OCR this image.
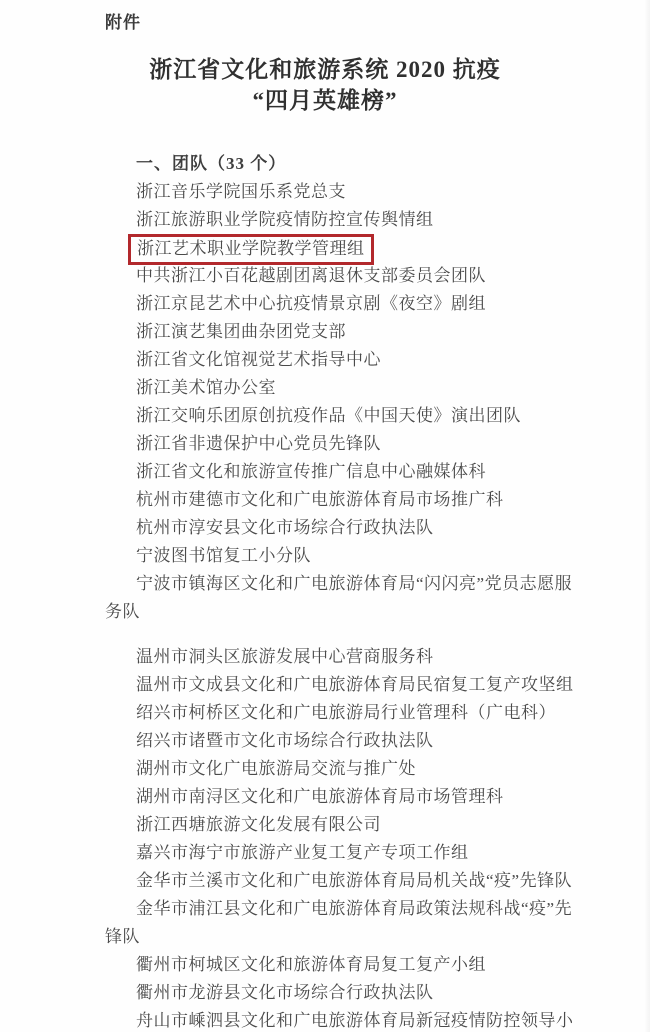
附件
浙江省文化和旅游系统 2020 抗疫
“四月英雄榜”
一、团队（33 个）
浙江音乐学院国乐系党总支
浙江旅游职业学院疫情防控宣传舆情组
浙江艺术职业学院教学管理组
中共浙江小百花越剧团离退休支部委员会团队
浙江京昆艺术中心抗疫情景京剧《夜空》剧组
浙江演艺集团曲杂团党支部
浙江省文化馆视觉艺术指导中心
浙江美术馆办公室
浙江交响乐团原创抗疫作品《中国天使》演出团队
浙江省非遗保护中心党员先锋队
浙江省文化和旅游宣传推广信息中心融媒体科
杭州市建德市文化和广电旅游体育局市场推广科
杭州市淳安县文化市场综合行政执法队
宁波图书馆复工小分队
宁波市镇海区文化和广电旅游体育局“闪闪亮”党员志愿服
务队
温州市洞头区旅游发展中心营商服务科
温州市文成县文化和广电旅游体育局民宿复工复产攻坚组
绍兴市柯桥区文化和广电旅游局行业管理科（广电科）
绍兴市诸暨市文化市场综合行政执法队
湖州市文化广电旅游局交流与推广处
湖州市南浔区文化和广电旅游体育局市场管理科
浙江西塘旅游文化发展有限公司
嘉兴市海宁市旅游产业复工复产专项工作组
金华市兰溪市文化和广电旅游体育局局机关战“疫”先锋队
金华市浦江县文化和广电旅游体育局政策法规科战“疫”先
锋队
衢州市柯城区文化和旅游体育局复工复产小组
衢州市龙游县文化市场综合行政执法队
舟山市嵊泗县文化和广电旅游体育局新冠疫情防控领导小
